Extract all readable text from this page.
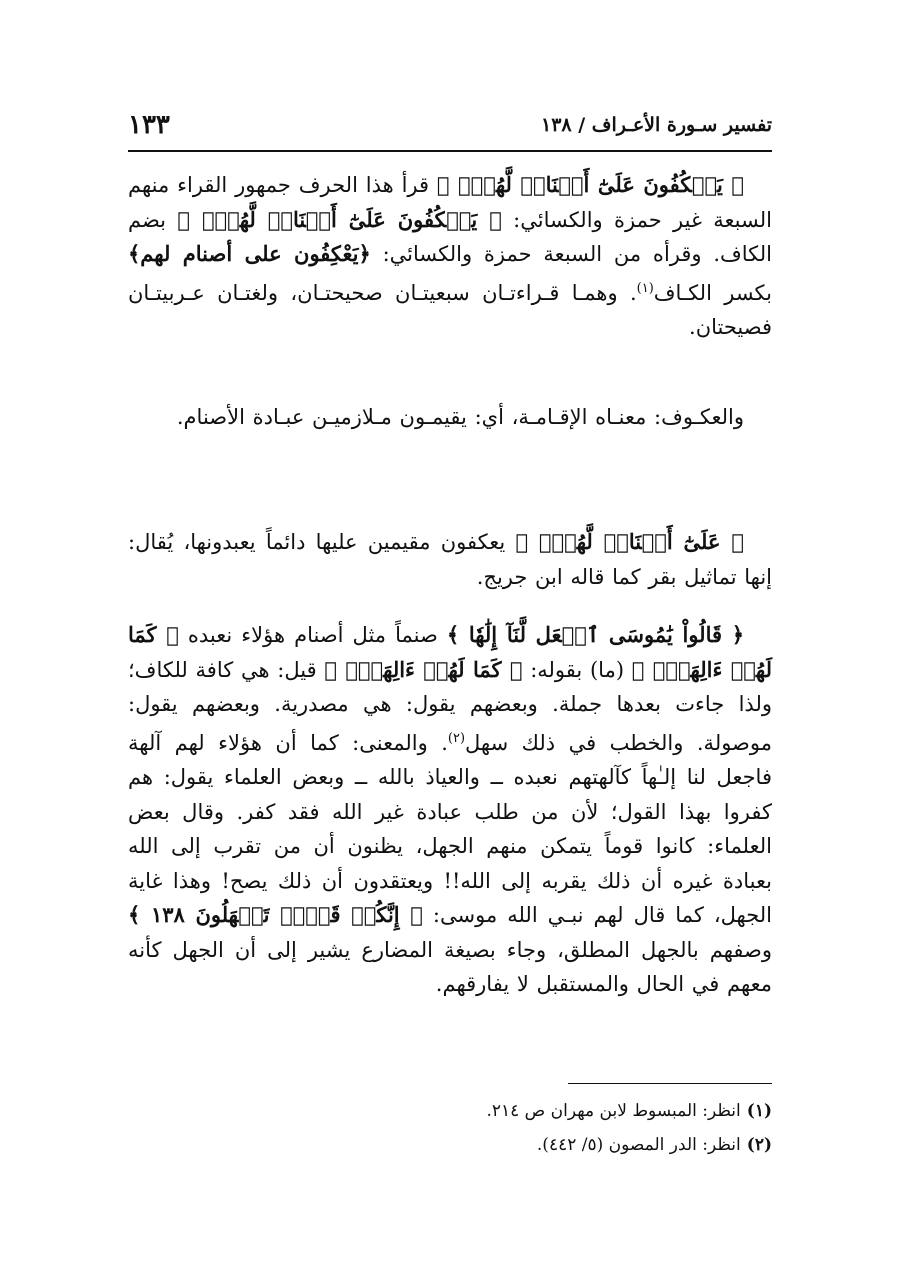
تفسير سـورة الأعـراف / ١٣٨
١٣٣

﴿ يَعۡكُفُونَ عَلَىٰٓ أَصۡنَامٖ لَّهُمۡۚ ﴾ قرأ هذا الحرف جمهور القراء منهم السبعة غير حمزة والكسائي: ﴿ يَعۡكُفُونَ عَلَىٰٓ أَصۡنَامٖ لَّهُمۡۚ ﴾ بضم الكاف. وقرأه من السبعة حمزة والكسائي: ﴿يَعْكِفُون على أصنام لهم﴾ بكسر الكـاف$^{(١)}$. وهمـا قـراءتـان سبعيتـان صحيحتـان، ولغتـان عـربيتـان فصيحتان.

والعكـوف: معنـاه الإقـامـة، أي: يقيمـون مـلازميـن عبـادة الأصنام.

﴿ عَلَىٰٓ أَصۡنَامٖ لَّهُمۡۚ ﴾ يعكفون مقيمين عليها دائماً يعبدونها، يُقال: إنها تماثيل بقر كما قاله ابن جريج.

﴿ قَالُواْ يَٰمُوسَى ٱجۡعَل لَّنَآ إِلَٰهٗا ﴾ صنماً مثل أصنام هؤلاء نعبده ﴿ كَمَا لَهُمۡ ءَالِهَةٞۚ ﴾ (ما) بقوله: ﴿ كَمَا لَهُمۡ ءَالِهَةٞۚ ﴾ قيل: هي كافة للكاف؛ ولذا جاءت بعدها جملة. وبعضهم يقول: هي مصدرية. وبعضهم يقول: موصولة. والخطب في ذلك سهل$^{(٢)}$. والمعنى: كما أن هؤلاء لهم آلهة فاجعل لنا إلـٰهاً كآلهتهم نعبده ــ والعياذ بالله ــ وبعض العلماء يقول: هم كفروا بهذا القول؛ لأن من طلب عبادة غير الله فقد كفر. وقال بعض العلماء: كانوا قوماً يتمكن منهم الجهل، يظنون أن من تقرب إلى الله بعبادة غيره أن ذلك يقربه إلى الله!! ويعتقدون أن ذلك يصح! وهذا غاية الجهل، كما قال لهم نبـي الله موسى: ﴿ إِنَّكُمۡ قَوۡمٞ تَجۡهَلُونَ ١٣٨ ﴾ وصفهم بالجهل المطلق، وجاء بصيغة المضارع يشير إلى أن الجهل كأنه معهم في الحال والمستقبل لا يفارقهم.

(١)انظر: المبسوط لابن مهران ص ٢١٤.

(٢)انظر: الدر المصون (٥/ ٤٤٢).
